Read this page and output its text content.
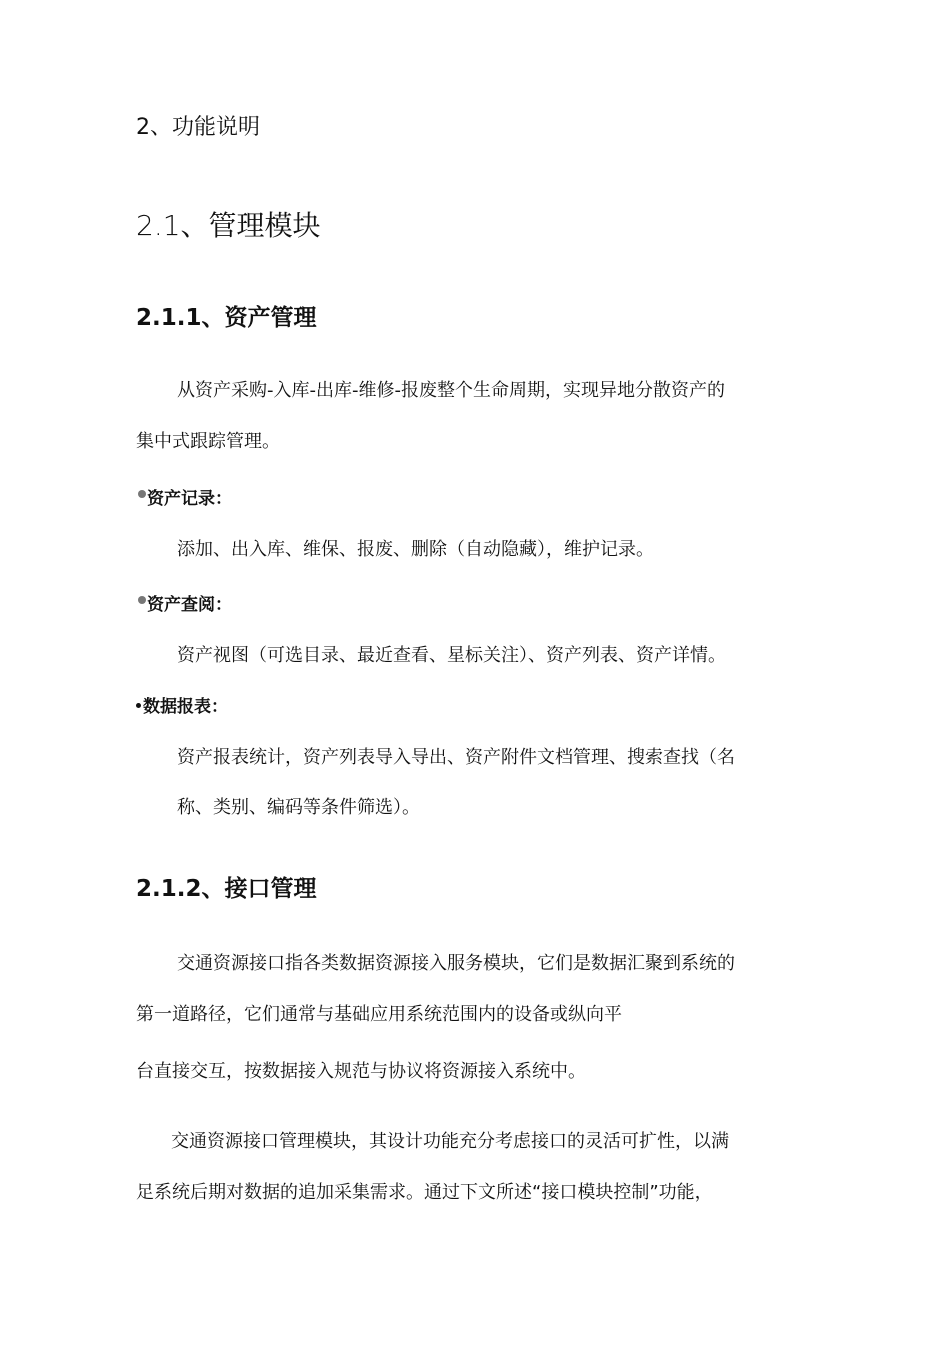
2、功能说明
2.1、管理模块
2.1.1、资产管理

从资产采购-入库-出库-维修-报废整个生命周期，实现异地分散资产的

集中式跟踪管理。

资产记录：

添加、出入库、维保、报废、删除（自动隐藏），维护记录。

资产查阅：

资产视图（可选目录、最近查看、星标关注）、资产列表、资产详情。

数据报表：

资产报表统计，资产列表导入导出、资产附件文档管理、搜索查找（名

称、类别、编码等条件筛选）。

2.1.2、接口管理

交通资源接口指各类数据资源接入服务模块，它们是数据汇聚到系统的

第一道路径，它们通常与基础应用系统范围内的设备或纵向平

台直接交互，按数据接入规范与协议将资源接入系统中。

交通资源接口管理模块，其设计功能充分考虑接口的灵活可扩性，以满

足系统后期对数据的追加采集需求。通过下文所述“接口模块控制”功能，
